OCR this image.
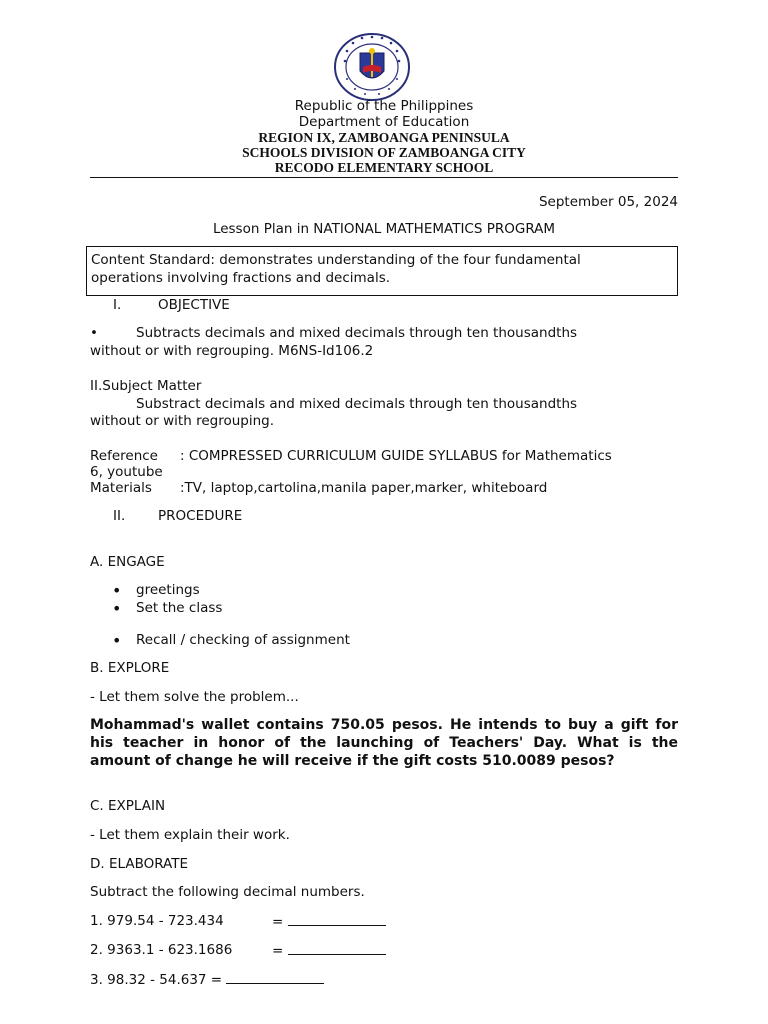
Republic of the Philippines
Department of Education
REGION IX, ZAMBOANGA PENINSULA
SCHOOLS DIVISION OF ZAMBOANGA CITY
RECODO ELEMENTARY SCHOOL
September 05, 2024
Lesson Plan in NATIONAL MATHEMATICS PROGRAM
Content Standard: demonstrates understanding of the four fundamental operations involving fractions and decimals.
I.	OBJECTIVE
•	Subtracts decimals and mixed decimals through ten thousandths
without or with regrouping. M6NS-Id106.2
II.Subject Matter
Substract decimals and mixed decimals through ten thousandths
without or with regrouping.
Reference : COMPRESSED CURRICULUM GUIDE SYLLABUS for Mathematics
6, youtube
Materials :TV, laptop,cartolina,manila paper,marker, whiteboard
II. PROCEDURE
A. ENGAGE
• greetings
• Set the class
• Recall / checking of assignment
B. EXPLORE
- Let them solve the problem...
Mohammad's wallet contains 750.05 pesos. He intends to buy a gift for his teacher in honor of the launching of Teachers' Day. What is the amount of change he will receive if the gift costs 510.0089 pesos?
C. EXPLAIN
- Let them explain their work.
D. ELABORATE
Subtract the following decimal numbers.
1. 979.54 - 723.434	=
2. 9363.1 - 623.1686	=
3. 98.32 - 54.637 =
